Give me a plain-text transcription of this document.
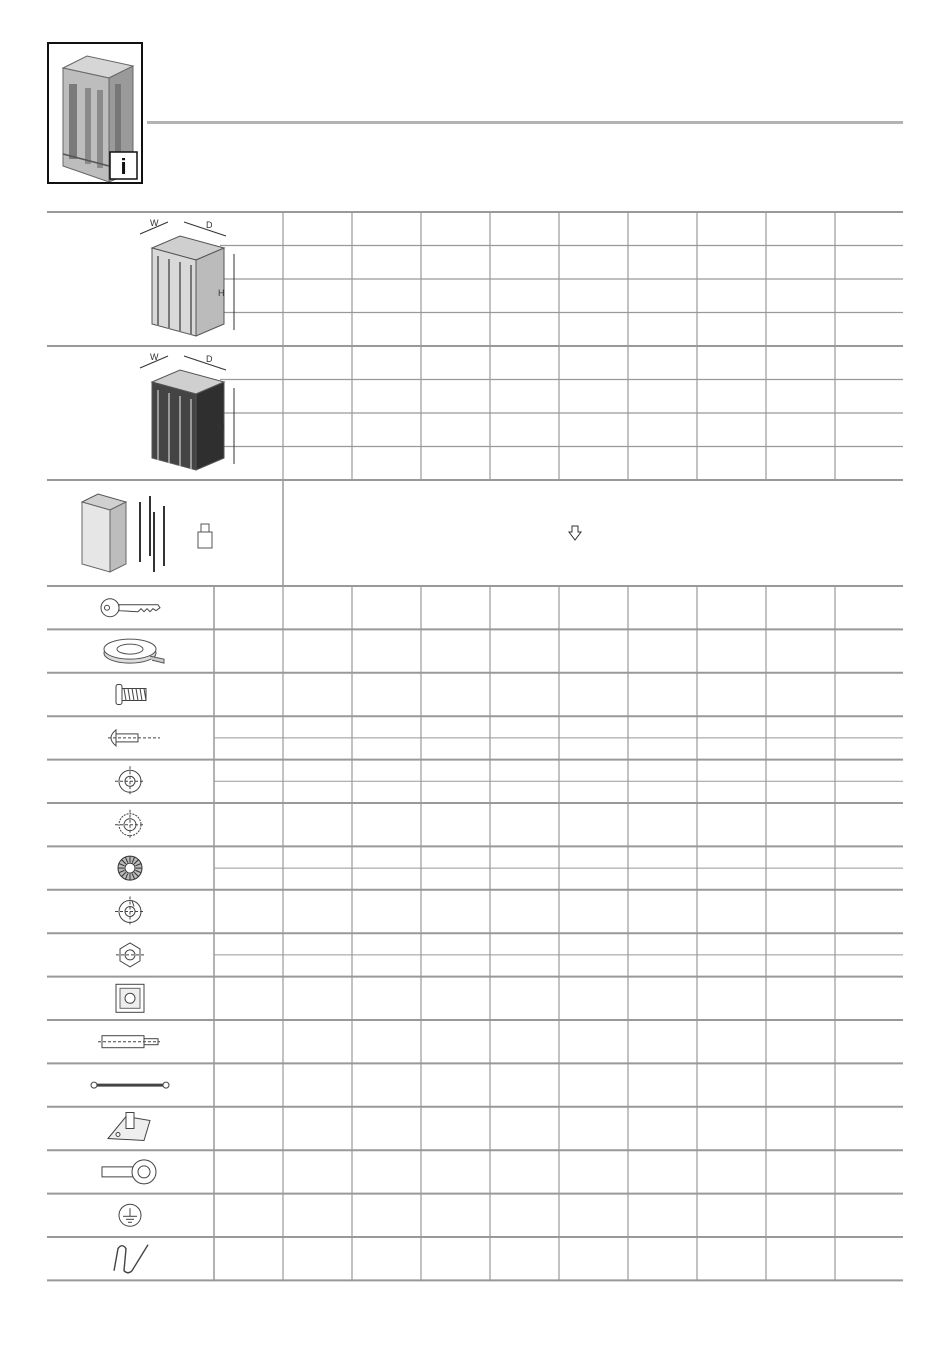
i
W	D
H
W	D
H
